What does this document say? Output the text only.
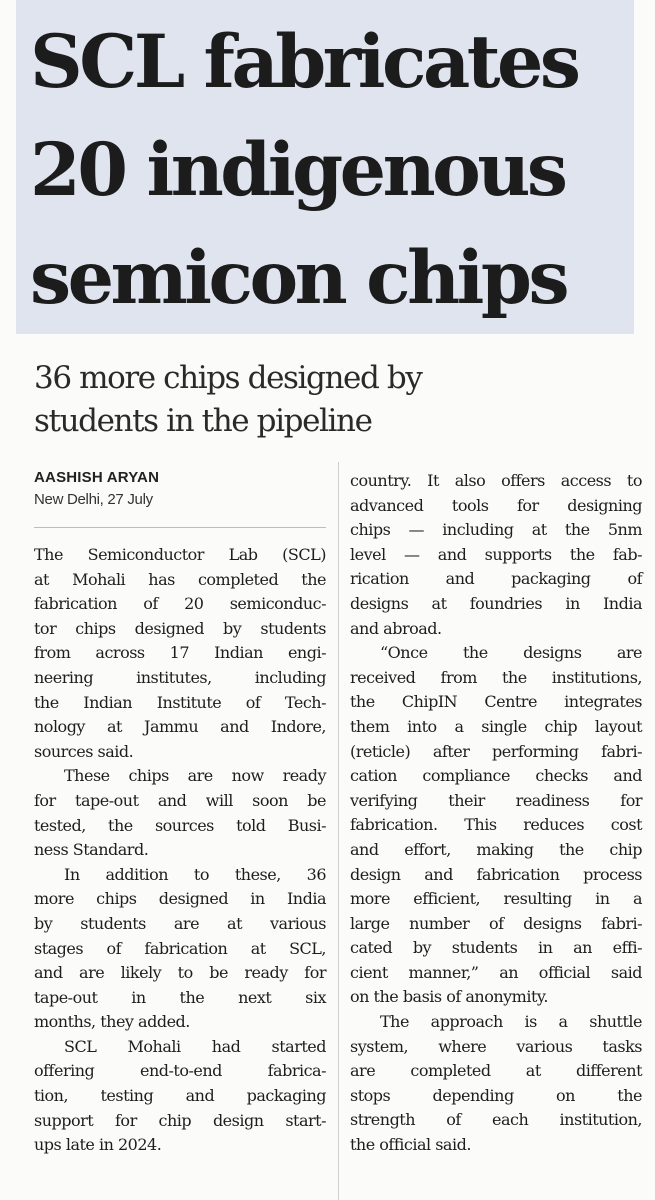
SCL fabricates
20 indigenous
semicon chips
36 more chips designed by
students in the pipeline
AASHISH ARYAN
New Delhi, 27 July
The Semiconductor Lab (SCL)
at Mohali has completed the
fabrication of 20 semiconduc-
tor chips designed by students
from across 17 Indian engi-
neering institutes, including
the Indian Institute of Tech-
nology at Jammu and Indore,
sources said.
These chips are now ready
for tape-out and will soon be
tested, the sources told Busi-
ness Standard.
In addition to these, 36
more chips designed in India
by students are at various
stages of fabrication at SCL,
and are likely to be ready for
tape-out in the next six
months, they added.
SCL Mohali had started
offering end-to-end fabrica-
tion, testing and packaging
support for chip design start-
ups late in 2024.
country. It also offers access to
advanced tools for designing
chips — including at the 5nm
level — and supports the fab-
rication and packaging of
designs at foundries in India
and abroad.
“Once the designs are
received from the institutions,
the ChipIN Centre integrates
them into a single chip layout
(reticle) after performing fabri-
cation compliance checks and
verifying their readiness for
fabrication. This reduces cost
and effort, making the chip
design and fabrication process
more efficient, resulting in a
large number of designs fabri-
cated by students in an effi-
cient manner,” an official said
on the basis of anonymity.
The approach is a shuttle
system, where various tasks
are completed at different
stops depending on the
strength of each institution,
the official said.
